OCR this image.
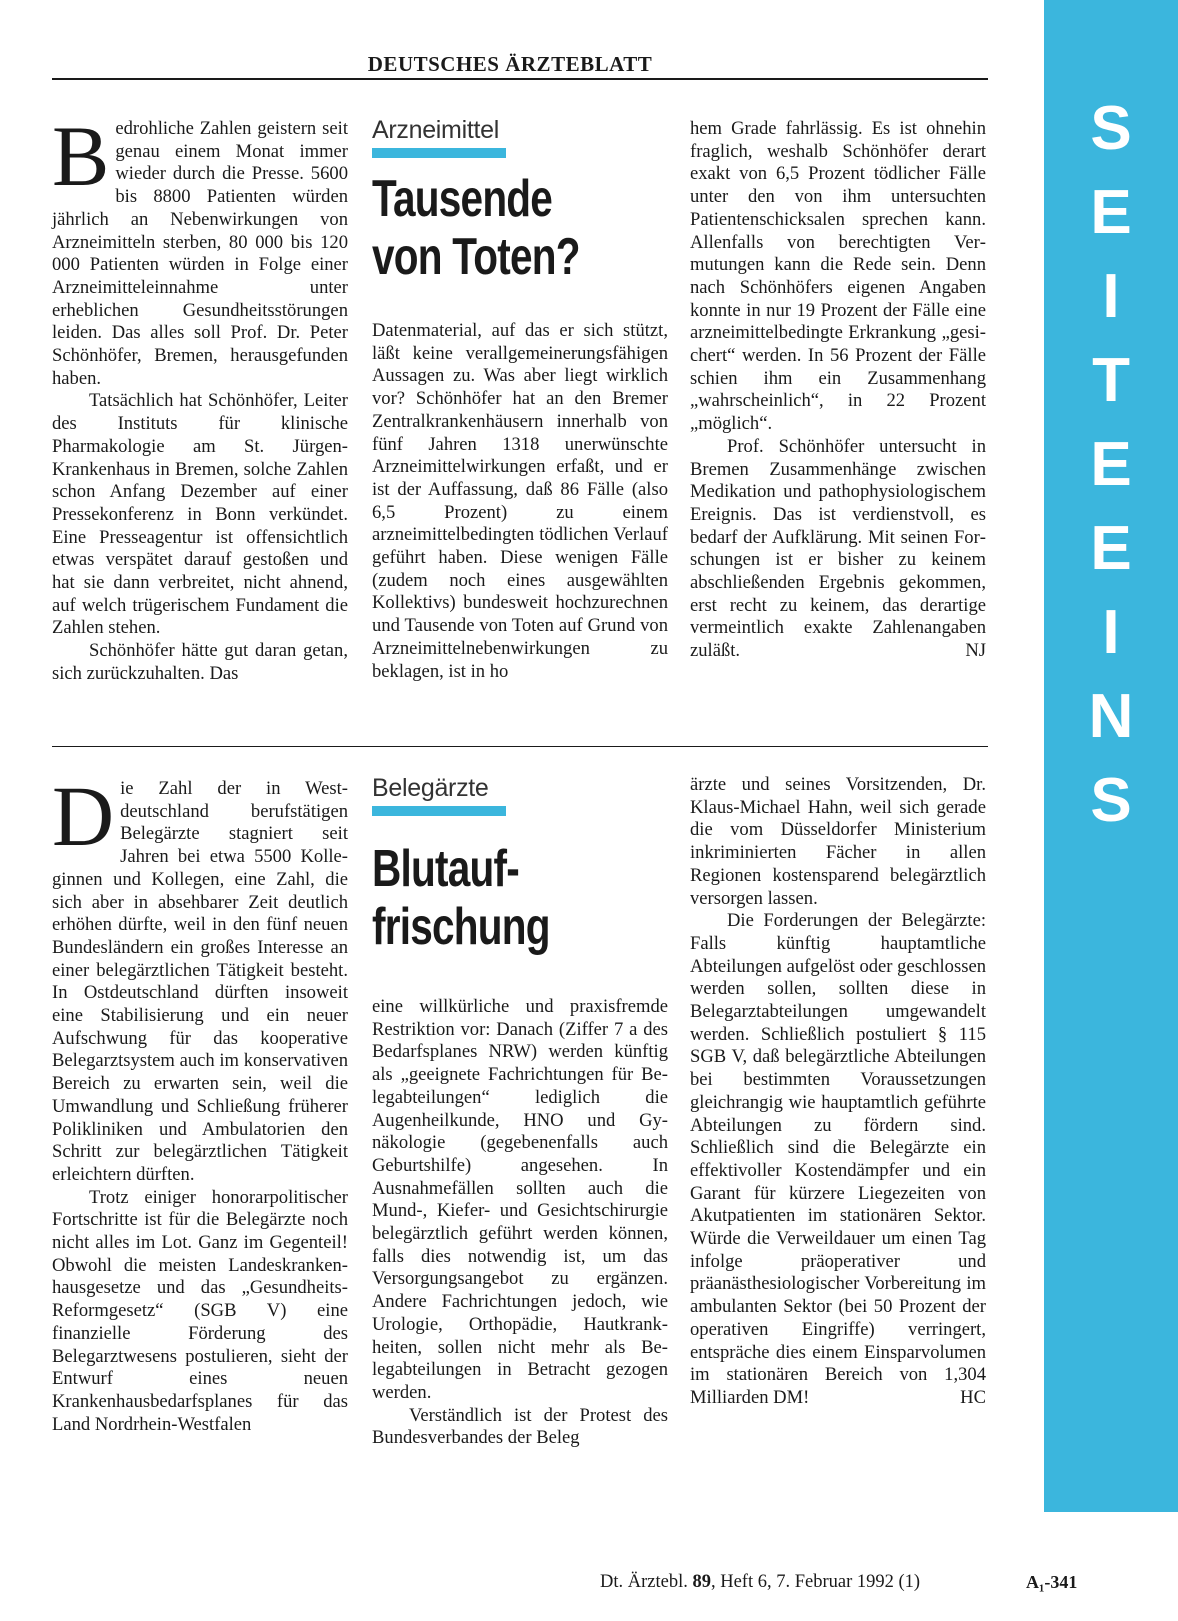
DEUTSCHES ÄRZTEBLATT
S
E
I
T
E
E
I
N
S
B edrohliche Zahlen geistern seit genau einem Monat immer wieder durch die Presse. 5600 bis 8800 Patienten würden jährlich an Nebenwirkungen von Arzneimitteln sterben, 80 000 bis 120 000 Patienten würden in Folge einer Arzneimitteleinnahme unter erheblichen Gesundheitsstörungen leiden. Das alles soll Prof. Dr. Peter Schönhöfer, Bremen, herausgefunden haben.

Tatsächlich hat Schönhöfer, Leiter des Instituts für klinische Pharmakologie am St. Jürgen-Krankenhaus in Bremen, solche Zahlen schon Anfang Dezember auf einer Pressekonferenz in Bonn verkündet. Eine Presseagentur ist offensichtlich etwas verspätet darauf gestoßen und hat sie dann verbreitet, nicht ahnend, auf welch trügerischem Fundament die Zahlen stehen.

Schönhöfer hätte gut daran getan, sich zurückzuhalten. Das

Arzneimittel
Tausende
von Toten?

Datenmaterial, auf das er sich stützt, läßt keine verallgemeinerungsfähigen Aussagen zu. Was aber liegt wirklich vor? Schönhöfer hat an den Bremer Zentralkrankenhäusern innerhalb von fünf Jahren 1318 unerwünschte Arzneimittelwirkungen erfaßt, und er ist der Auffassung, daß 86 Fälle (also 6,5 Prozent) zu einem arzneimittelbedingten tödlichen Verlauf geführt haben. Diese wenigen Fälle (zudem noch eines ausgewählten Kollektivs) bundesweit hochzurechnen und Tausende von Toten auf Grund von Arzneimittelnebenwirkungen zu beklagen, ist in ho

hem Grade fahrlässig. Es ist ohnehin fraglich, weshalb Schönhöfer derart exakt von 6,5 Prozent tödlicher Fälle unter den von ihm untersuchten Patientenschicksalen sprechen kann. Allenfalls von berechtigten Vermutungen kann die Rede sein. Denn nach Schönhöfers eigenen Angaben konnte in nur 19 Prozent der Fälle eine arzneimittelbedingte Erkrankung „gesichert“ werden. In 56 Prozent der Fälle schien ihm ein Zusammenhang „wahrscheinlich“, in 22 Prozent „möglich“.

Prof. Schönhöfer untersucht in Bremen Zusammenhänge zwischen Medikation und pathophysiologischem Ereignis. Das ist verdienstvoll, es bedarf der Aufklärung. Mit seinen Forschungen ist er bisher zu keinem abschließenden Ergebnis gekommen, erst recht zu keinem, das derartige vermeintlich exakte Zahlenangaben zuläßt.	NJ

D ie Zahl der in Westdeutschland berufstätigen Belegärzte stagniert seit Jahren bei etwa 5500 Kolleginnen und Kollegen, eine Zahl, die sich aber in absehbarer Zeit deutlich erhöhen dürfte, weil in den fünf neuen Bundesländern ein großes Interesse an einer belegärztlichen Tätigkeit besteht. In Ostdeutschland dürften insoweit eine Stabilisierung und ein neuer Aufschwung für das kooperative Belegarztsystem auch im konservativen Bereich zu erwarten sein, weil die Umwandlung und Schließung früherer Polikliniken und Ambulatorien den Schritt zur belegärztlichen Tätigkeit erleichtern dürften.

Trotz einiger honorarpolitischer Fortschritte ist für die Belegärzte noch nicht alles im Lot. Ganz im Gegenteil! Obwohl die meisten Landeskrankenhausgesetze und das „Gesundheits-Reformgesetz“ (SGB V) eine finanzielle Förderung des Belegarztwesens postulieren, sieht der Entwurf eines neuen Krankenhausbedarfsplanes für das Land Nordrhein-Westfalen

Belegärzte
Blutauf-
frischung

eine willkürliche und praxisfremde Restriktion vor: Danach (Ziffer 7 a des Bedarfsplanes NRW) werden künftig als „geeignete Fachrichtungen für Belegabteilungen“ lediglich die Augenheilkunde, HNO und Gynäkologie (gegebenenfalls auch Geburtshilfe) angesehen. In Ausnahmefällen sollten auch die Mund-, Kiefer- und Gesichtschirurgie belegärztlich geführt werden können, falls dies notwendig ist, um das Versorgungsangebot zu ergänzen. Andere Fachrichtungen jedoch, wie Urologie, Orthopädie, Hautkrankheiten, sollen nicht mehr als Belegabteilungen in Betracht gezogen werden.

Verständlich ist der Protest des Bundesverbandes der Beleg

ärzte und seines Vorsitzenden, Dr. Klaus-Michael Hahn, weil sich gerade die vom Düsseldorfer Ministerium inkriminierten Fächer in allen Regionen kostensparend belegärztlich versorgen lassen.

Die Forderungen der Belegärzte: Falls künftig hauptamtliche Abteilungen aufgelöst oder geschlossen werden sollen, sollten diese in Belegarztabteilungen umgewandelt werden. Schließlich postuliert § 115 SGB V, daß belegärztliche Abteilungen bei bestimmten Voraussetzungen gleichrangig wie hauptamtlich geführte Abteilungen zu fördern sind. Schließlich sind die Belegärzte ein effektivoller Kostendämpfer und ein Garant für kürzere Liegezeiten von Akutpatienten im stationären Sektor. Würde die Verweildauer um einen Tag infolge präoperativer und präanästhesiologischer Vorbereitung im ambulanten Sektor (bei 50 Prozent der operativen Eingriffe) verringert, entspräche dies einem Einsparvolumen im stationären Bereich von 1,304 Milliarden DM!	HC

Dt. Ärztebl. 89, Heft 6, 7. Februar 1992 (1)	A₁-341
